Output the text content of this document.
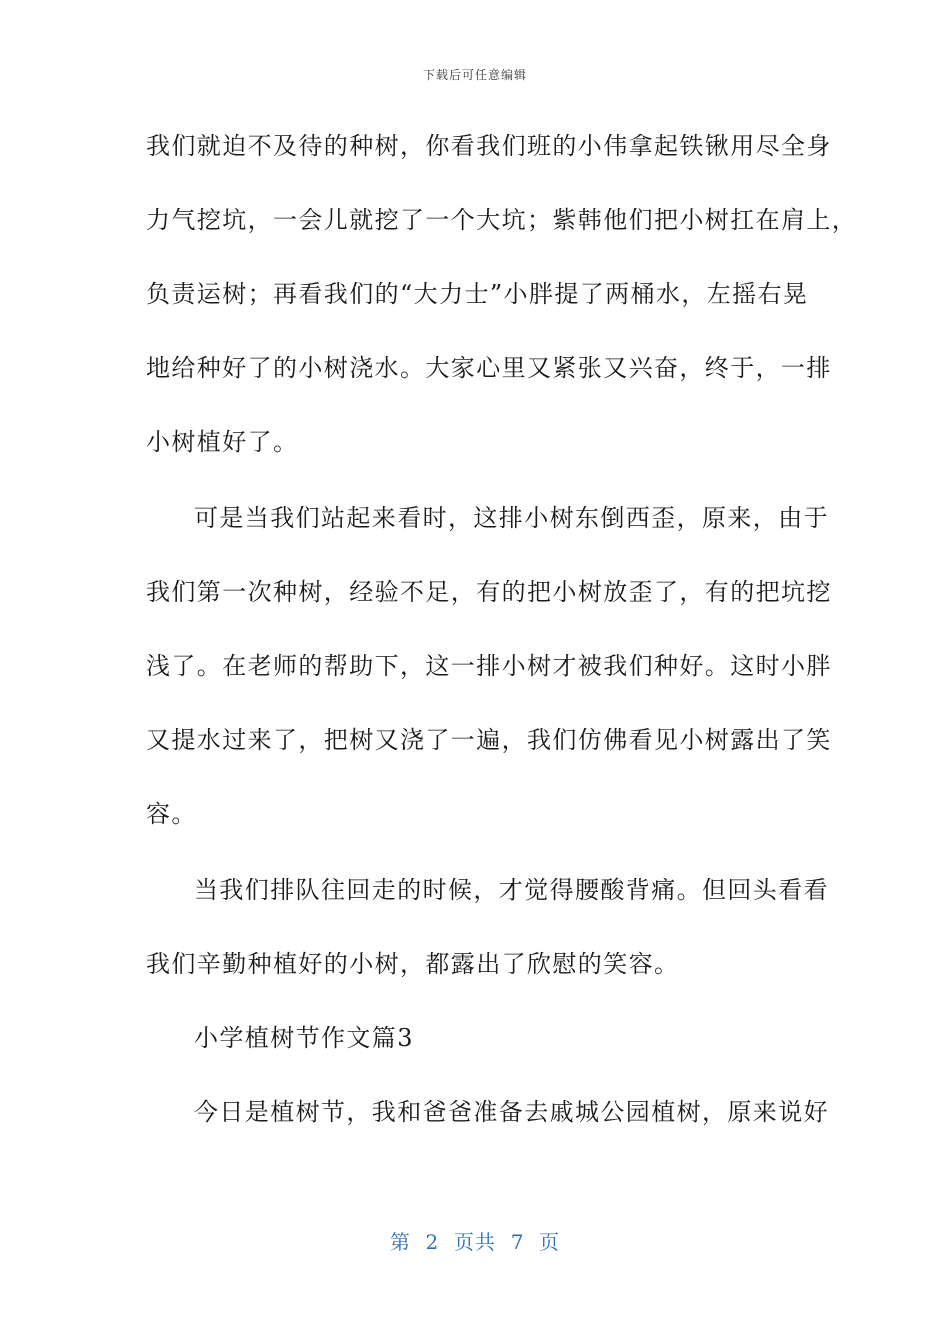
下载后可任意编辑
我们就迫不及待的种树，你看我们班的小伟拿起铁锹用尽全身
力气挖坑，一会儿就挖了一个大坑；紫韩他们把小树扛在肩上，
负责运树；再看我们的“大力士”小胖提了两桶水，左摇右晃
地给种好了的小树浇水。大家心里又紧张又兴奋，终于，一排
小树植好了。
可是当我们站起来看时，这排小树东倒西歪，原来，由于
我们第一次种树，经验不足，有的把小树放歪了，有的把坑挖
浅了。在老师的帮助下，这一排小树才被我们种好。这时小胖
又提水过来了，把树又浇了一遍，我们仿佛看见小树露出了笑
容。
当我们排队往回走的时候，才觉得腰酸背痛。但回头看看
我们辛勤种植好的小树，都露出了欣慰的笑容。
小学植树节作文篇3
今日是植树节，我和爸爸准备去戚城公园植树，原来说好
第  2  页共  7  页
